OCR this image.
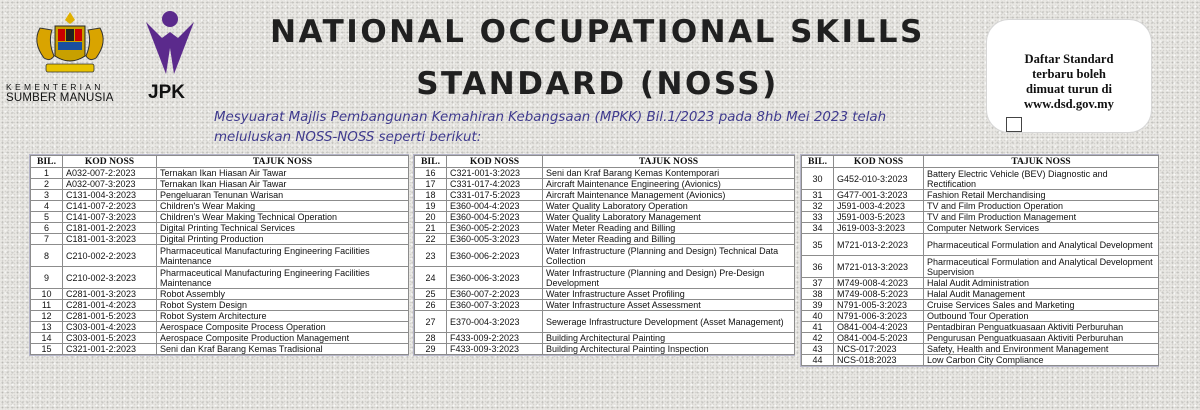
KEMENTERIAN
SUMBER MANUSIA	JPK
NATIONAL OCCUPATIONAL SKILLS
STANDARD (NOSS)
Mesyuarat Majlis Pembangunan Kemahiran Kebangsaan (MPKK) Bil.1/2023 pada 8hb Mei 2023 telah
meluluskan NOSS-NOSS seperti berikut:
Daftar Standard
terbaru boleh
dimuat turun di
www.dsd.gov.my
BIL.	KOD NOSS	TAJUK NOSS
1	A032-007-2:2023	Ternakan Ikan Hiasan Air Tawar
2	A032-007-3:2023	Ternakan Ikan Hiasan Air Tawar
3	C131-004-3:2023	Pengeluaran Tenunan Warisan
4	C141-007-2:2023	Children's Wear Making
5	C141-007-3:2023	Children's Wear Making Technical Operation
6	C181-001-2:2023	Digital Printing Technical Services
7	C181-001-3:2023	Digital Printing Production
8	C210-002-2:2023	Pharmaceutical Manufacturing Engineering Facilities Maintenance
9	C210-002-3:2023	Pharmaceutical Manufacturing Engineering Facilities Maintenance
10	C281-001-3:2023	Robot Assembly
11	C281-001-4:2023	Robot System Design
12	C281-001-5:2023	Robot System Architecture
13	C303-001-4:2023	Aerospace Composite Process Operation
14	C303-001-5:2023	Aerospace Composite Production Management
15	C321-001-2:2023	Seni dan Kraf Barang Kemas Tradisional
BIL.	KOD NOSS	TAJUK NOSS
16	C321-001-3:2023	Seni dan Kraf Barang Kemas Kontemporari
17	C331-017-4:2023	Aircraft Maintenance Engineering (Avionics)
18	C331-017-5:2023	Aircraft Maintenance Management (Avionics)
19	E360-004-4:2023	Water Quality Laboratory Operation
20	E360-004-5:2023	Water Quality Laboratory Management
21	E360-005-2:2023	Water Meter Reading and Billing
22	E360-005-3:2023	Water Meter Reading and Billing
23	E360-006-2:2023	Water Infrastructure (Planning and Design) Technical Data Collection
24	E360-006-3:2023	Water Infrastructure (Planning and Design) Pre-Design Development
25	E360-007-2:2023	Water Infrastructure Asset Profiling
26	E360-007-3:2023	Water Infrastructure Asset Assessment
27	E370-004-3:2023	Sewerage Infrastructure Development (Asset Management)
28	F433-009-2:2023	Building Architectural Painting
29	F433-009-3:2023	Building Architectural Painting Inspection
BIL.	KOD NOSS	TAJUK NOSS
30	G452-010-3:2023	Battery Electric Vehicle (BEV) Diagnostic and Rectification
31	G477-001-3:2023	Fashion Retail Merchandising
32	J591-003-4:2023	TV and Film Production Operation
33	J591-003-5:2023	TV and Film Production Management
34	J619-003-3:2023	Computer Network Services
35	M721-013-2:2023	Pharmaceutical Formulation and Analytical Development
36	M721-013-3:2023	Pharmaceutical Formulation and Analytical Development Supervision
37	M749-008-4:2023	Halal Audit Administration
38	M749-008-5:2023	Halal Audit Management
39	N791-005-3:2023	Cruise Services Sales and Marketing
40	N791-006-3:2023	Outbound Tour Operation
41	O841-004-4:2023	Pentadbiran Penguatkuasaan Aktiviti Perburuhan
42	O841-004-5:2023	Pengurusan Penguatkuasaan Aktiviti Perburuhan
43	NCS-017:2023	Safety, Health and Environment Management
44	NCS-018:2023	Low Carbon City Compliance
